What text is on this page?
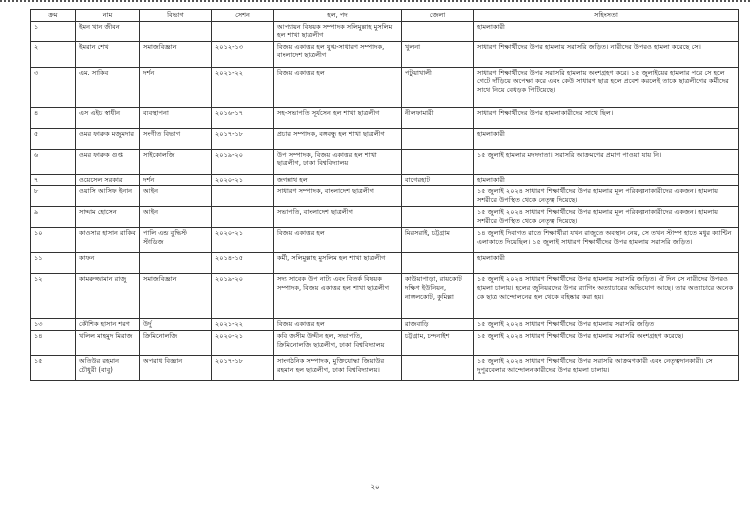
ক্রম	নাম	বিভাগ	সেশন	হল, পদ	জেলা	সহিংসতা
১	ইমন খান জীবন			আপ্যায়ন বিষয়ক সম্পাদক সলিমুল্লাহ মুসলিম হল শাখা ছাত্রলীগ		হামলাকারী
২	ইমরান শেখ	সমাজবিজ্ঞান	২০১২-১৩	বিজয় একাত্তর হল যুগ্ম-সাধারণ সম্পাদক, বাংলাদেশ ছাত্রলীগ	খুলনা	সাধারণ শিক্ষার্থীদের উপর হামলায় সরাসরি জড়িত। নারীদের উপরও হামলা করেছে সে।
৩	এম. সাকিব	দর্শন	২০২১-২২	বিজয় একাত্তর হল	পটুয়াখালী	সাধারণ শিক্ষার্থীদের উপর সরাসরি হামলায় অংশগ্রহণ করে। ১৫ জুলাইয়ের হামলার পরে সে হলে গেটে দাঁড়িয়ে অপেক্ষা করে এবং কেউ সাধারণ ছাত্র হলে প্রবেশ করলেই তাকে ছাত্রলীগের কর্মীদের সাথে নিয়ে বেধড়ক পিটিয়েছে।
৪	এস এইচ স্বাধীন	ব্যবস্থাপনা	২০১৬-১৭	সহ-সভাপতি সূর্যসেন হল শাখা ছাত্রলীগ	নীলফামারী	সাধারণ শিক্ষার্থীদের উপর হামলাকারীদের সাথে ছিল।
৫	ওমর ফারুক মজুমদার	সংগীত বিভাগ	২০১৭-১৮	প্রচার সম্পাদক, বঙ্গবন্ধু হল শাখা ছাত্রলীগ		হামলাকারী
৬	ওমর ফারুক গুপ্ত	সাইকোলজি	২০১৯-২০	উপ সম্পাদক, বিজয় একাত্তর হল শাখা ছাত্রলীগ, ঢাকা বিশ্ববিদ্যালয়		১৫ জুলাই হামলার মদদদাতা। সরাসরি আক্রমণের প্রমাণ পাওয়া যায় নি।
৭	ওয়েসেল সরকার	দর্শন	২০২০-২১	জগন্নাথ হল	বাগেরহাট	হামলাকারী
৮	ওয়াসি আসিফ ইনান	আইন		সাধারণ সম্পাদক, বাংলাদেশ ছাত্রলীগ		১৫ জুলাই ২০২৪ সাধারণ শিক্ষার্থীদের উপর হামলার মূল পরিকল্পনাকারীদের একজন। হামলায় সশরীরে উপস্থিত থেকে নেতৃত্ব দিয়েছে।
৯	সাদ্দাম হোসেন	আইন		সভাপতি, বাংলাদেশ ছাত্রলীগ		১৫ জুলাই ২০২৪ সাধারণ শিক্ষার্থীদের উপর হামলার মূল পরিকল্পনাকারীদের একজন। হামলায় সশরীরে উপস্থিত থেকে নেতৃত্ব দিয়েছে।
১০	কাওসার হাসান রাকিব	পালি এন্ড বুদ্ধিস্ট স্টাডিজ	২০২০-২১	বিজয় একাত্তর হল	মিরসরাই, চট্টগ্রাম	১৪ জুলাই দিবাগত রাতে শিক্ষার্থীরা যখন রাজুতে অবস্থান নেয়, সে তখন স্টাম্প হাতে মধুর ক্যান্টিন এলাকাতে দিয়েছিল। ১৫ জুলাই সাধারণ শিক্ষার্থীদের উপর হামলায় সরাসরি জড়িত।
১১	কাফন		২০১৪-১৫	কর্মী, সলিমুল্লাহ মুসলিম হল শাখা ছাত্রলীগ		হামলাকারী
১২	কামরুজ্জামান রাজু	সমাজবিজ্ঞান	২০১৯-২০	সদ্য সাবেক উপ নাট্য এবং বিতর্ক বিষয়ক সম্পাদক, বিজয় একাত্তর হল শাখা ছাত্রলীগ	কাউয়াপাড়া, রায়কোট দক্ষিণ ইউনিয়ন, নাঙ্গলকোট, কুমিল্লা	১৫ জুলাই ২০২৪ সাধারণ শিক্ষার্থীদের উপর হামলায় সরাসরি জড়িত। ঐ দিন সে নারীদের উপরও হামলা চালায়। হলের জুনিয়রদের উপর র‍্যাগিং অত্যাচারের অভিযোগ আছে। তার অত্যাচারে অনেক কে ছাত্র আন্দোলনের হল থেকে বহিষ্কার করা হয়।
১৩	কৌশিক হাসান শরণ	উর্দু	২০২১-২২	বিজয় একাত্তর হল	রাজবাড়ি	১৫ জুলাই ২০২৪ সাধারণ শিক্ষার্থীদের উপর হামলায় সরাসরি জড়িত
১৪	খলিল মাহমুদ মিরাজ	ক্রিমিনোলজি	২০২০-২১	কবি জসীম উদ্দীন হল, সভাপতি, ক্রিমিনোলজি ছাত্রলীগ, ঢাকা বিশ্ববিদ্যালয়	চট্টগ্রাম, চন্দনাইশ	১৫ জুলাই ২০২৪ সাধারণ শিক্ষার্থীদের উপর হামলায় সরাসরি অংশগ্রহণ করেছে।
১৫	অতিউর রহমান চৌধুরী (বাবু)	অপরাধ বিজ্ঞান	২০১৭-১৮	সাংগঠনিক সম্পাদক, মুক্তিযোদ্ধা জিয়াউর রহমান হল ছাত্রলীগ, ঢাকা বিশ্ববিদ্যালয়।		১৫ জুলাই ২০২৪ সাধারণ শিক্ষার্থীদের উপর সরাসরি আক্রমণকারী এবং নেতৃত্বদানকারী। সে দুপুরবেলার আন্দোলনকারীদের উপর হামলা চালায়।
২০
